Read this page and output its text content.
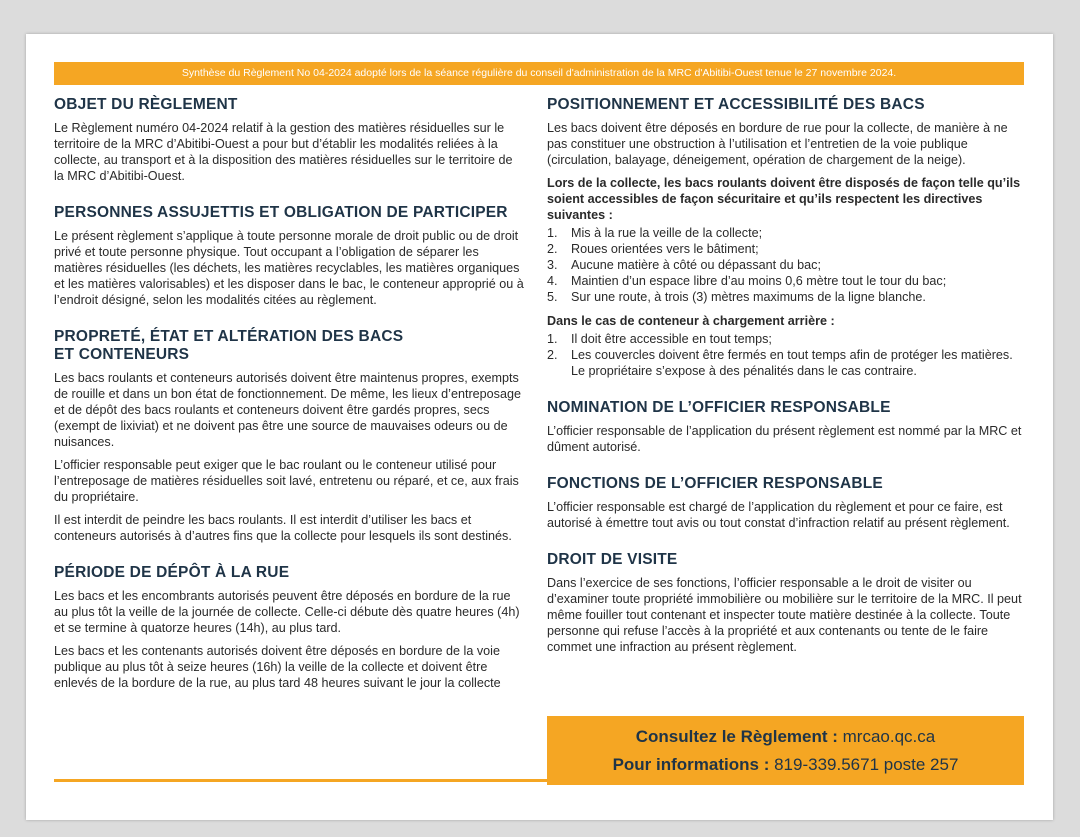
Synthèse du Règlement No 04-2024 adopté lors de la séance régulière du conseil d'administration de la MRC d'Abitibi-Ouest tenue le 27 novembre 2024.
OBJET DU RÈGLEMENT

Le Règlement numéro 04-2024 relatif à la gestion des matières résiduelles sur le territoire de la MRC d’Abitibi-Ouest a pour but d’établir les modalités reliées à la collecte, au transport et à la disposition des matières résiduelles sur le territoire de la MRC d’Abitibi-Ouest.

PERSONNES ASSUJETTIS ET OBLIGATION DE PARTICIPER

Le présent règlement s’applique à toute personne morale de droit public ou de droit privé et toute personne physique. Tout occupant a l’obligation de séparer les matières résiduelles (les déchets, les matières recyclables, les matières organiques et les matières valorisables) et les disposer dans le bac, le conteneur approprié ou à l’endroit désigné, selon les modalités citées au règlement.

PROPRETÉ, ÉTAT ET ALTÉRATION DES BACS
ET CONTENEURS

Les bacs roulants et conteneurs autorisés doivent être maintenus propres, exempts de rouille et dans un bon état de fonctionnement. De même, les lieux d’entreposage et de dépôt des bacs roulants et conteneurs doivent être gardés propres, secs (exempt de lixiviat) et ne doivent pas être une source de mauvaises odeurs ou de nuisances.

L’officier responsable peut exiger que le bac roulant ou le conteneur utilisé pour l’entreposage de matières résiduelles soit lavé, entretenu ou réparé, et ce, aux frais du propriétaire.

Il est interdit de peindre les bacs roulants. Il est interdit d’utiliser les bacs et conteneurs autorisés à d’autres fins que la collecte pour lesquels ils sont destinés.

PÉRIODE DE DÉPÔT À LA RUE

Les bacs et les encombrants autorisés peuvent être déposés en bordure de la rue au plus tôt la veille de la journée de collecte. Celle-ci débute dès quatre heures (4h) et se termine à quatorze heures (14h), au plus tard.

Les bacs et les contenants autorisés doivent être déposés en bordure de la voie publique au plus tôt à seize heures (16h) la veille de la collecte et doivent être enlevés de la bordure de la rue, au plus tard 48 heures suivant le jour la collecte

POSITIONNEMENT ET ACCESSIBILITÉ DES BACS

Les bacs doivent être déposés en bordure de rue pour la collecte, de manière à ne pas constituer une obstruction à l’utilisation et l’entretien de la voie publique (circulation, balayage, déneigement, opération de chargement de la neige).

Lors de la collecte, les bacs roulants doivent être disposés de façon telle qu’ils soient accessibles de façon sécuritaire et qu’ils respectent les directives suivantes :

1. Mis à la rue la veille de la collecte;
2. Roues orientées vers le bâtiment;
3. Aucune matière à côté ou dépassant du bac;
4. Maintien d’un espace libre d’au moins 0,6 mètre tout le tour du bac;
5. Sur une route, à trois (3) mètres maximums de la ligne blanche.

Dans le cas de conteneur à chargement arrière :

1. Il doit être accessible en tout temps;
2. Les couvercles doivent être fermés en tout temps afin de protéger les matières. Le propriétaire s’expose à des pénalités dans le cas contraire.
NOMINATION DE L’OFFICIER RESPONSABLE

L’officier responsable de l’application du présent règlement est nommé par la MRC et dûment autorisé.

FONCTIONS DE L’OFFICIER RESPONSABLE

L’officier responsable est chargé de l’application du règlement et pour ce faire, est autorisé à émettre tout avis ou tout constat d’infraction relatif au présent règlement.

DROIT DE VISITE

Dans l’exercice de ses fonctions, l’officier responsable a le droit de visiter ou d’examiner toute propriété immobilière ou mobilière sur le territoire de la MRC. Il peut même fouiller tout contenant et inspecter toute matière destinée à la collecte. Toute personne qui refuse l’accès à la propriété et aux contenants ou tente de le faire commet une infraction au présent règlement.

Consultez le Règlement : mrcao.qc.ca
Pour informations : 819-339.5671 poste 257
